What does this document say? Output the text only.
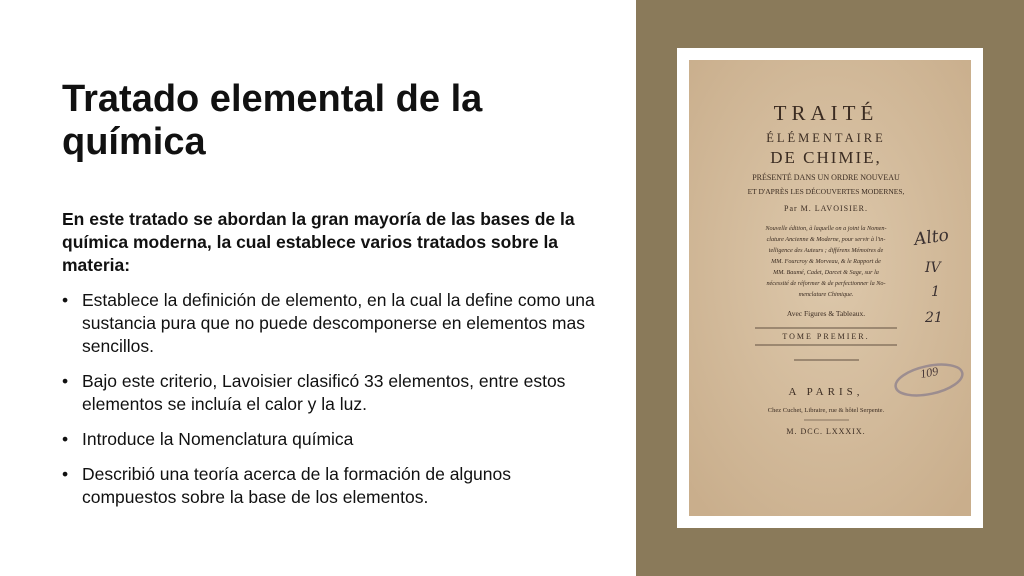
Tratado elemental de la química

En este tratado se abordan la gran mayoría de las bases de la química moderna, la cual establece varios tratados sobre la materia:

• Establece la definición de elemento, en la cual la define como una sustancia pura que no puede descomponerse en elementos mas sencillos.
• Bajo este criterio, Lavoisier clasificó 33 elementos, entre estos elementos se incluía el calor y la luz.
• Introduce la Nomenclatura química
• Describió una teoría acerca de la formación de algunos compuestos sobre la base de los elementos.
TRAITÉ
ÉLÉMENTAIRE
DE CHIMIE,
PRÉSENTÉ DANS UN ORDRE NOUVEAU
ET D'APRÈS LES DÉCOUVERTES MODERNES,
Par M. LAVOISIER.
Nouvelle édition, à laquelle on a joint la Nomen-
clature Ancienne & Moderne, pour servir à l'in-
telligence des Auteurs ; différens Mémoires de
MM. Fourcroy & Morveau, & le Rapport de
MM. Baumé, Cadet, Darcet & Sage, sur la
nécessité de réformer & de perfectionner la No-
menclature Chimique.
Avec Figures & Tableaux.
TOME PREMIER.
A PARIS,
Chez Cuchet, Libraire, rue & hôtel Serpente.
M. DCC. LXXXIX.
109
Alto
IV
1
21
